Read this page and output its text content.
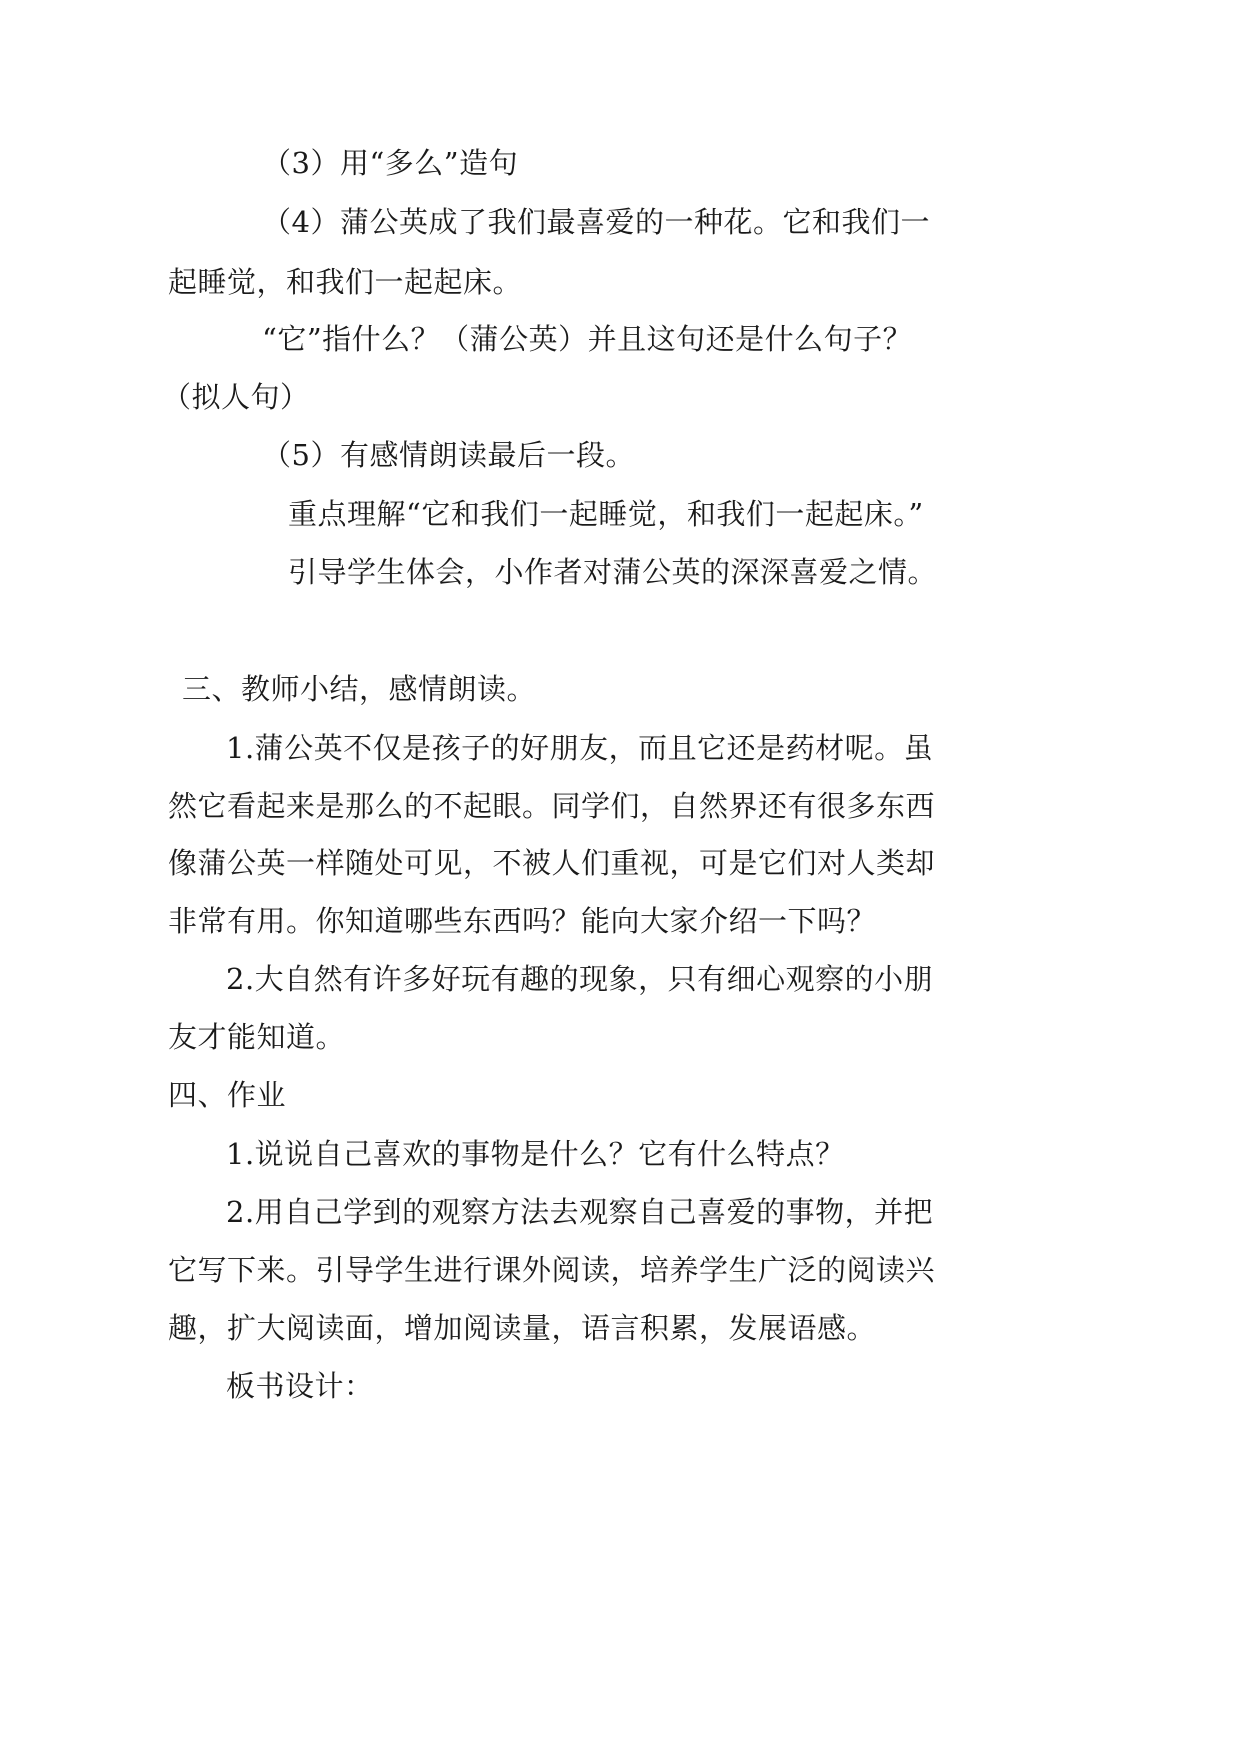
（3）用“多么”造句
（4）蒲公英成了我们最喜爱的一种花。它和我们一
起睡觉，和我们一起起床。
“它”指什么？（蒲公英）并且这句还是什么句子？
（拟人句）
（5）有感情朗读最后一段。
重点理解“它和我们一起睡觉，和我们一起起床。”
引导学生体会，小作者对蒲公英的深深喜爱之情。
三、教师小结，感情朗读。
1.蒲公英不仅是孩子的好朋友，而且它还是药材呢。虽
然它看起来是那么的不起眼。同学们，自然界还有很多东西
像蒲公英一样随处可见，不被人们重视，可是它们对人类却
非常有用。你知道哪些东西吗？能向大家介绍一下吗？
2.大自然有许多好玩有趣的现象，只有细心观察的小朋
友才能知道。
四、作业
1.说说自己喜欢的事物是什么？它有什么特点？
2.用自己学到的观察方法去观察自己喜爱的事物，并把
它写下来。引导学生进行课外阅读，培养学生广泛的阅读兴
趣，扩大阅读面，增加阅读量，语言积累，发展语感。
板书设计：
